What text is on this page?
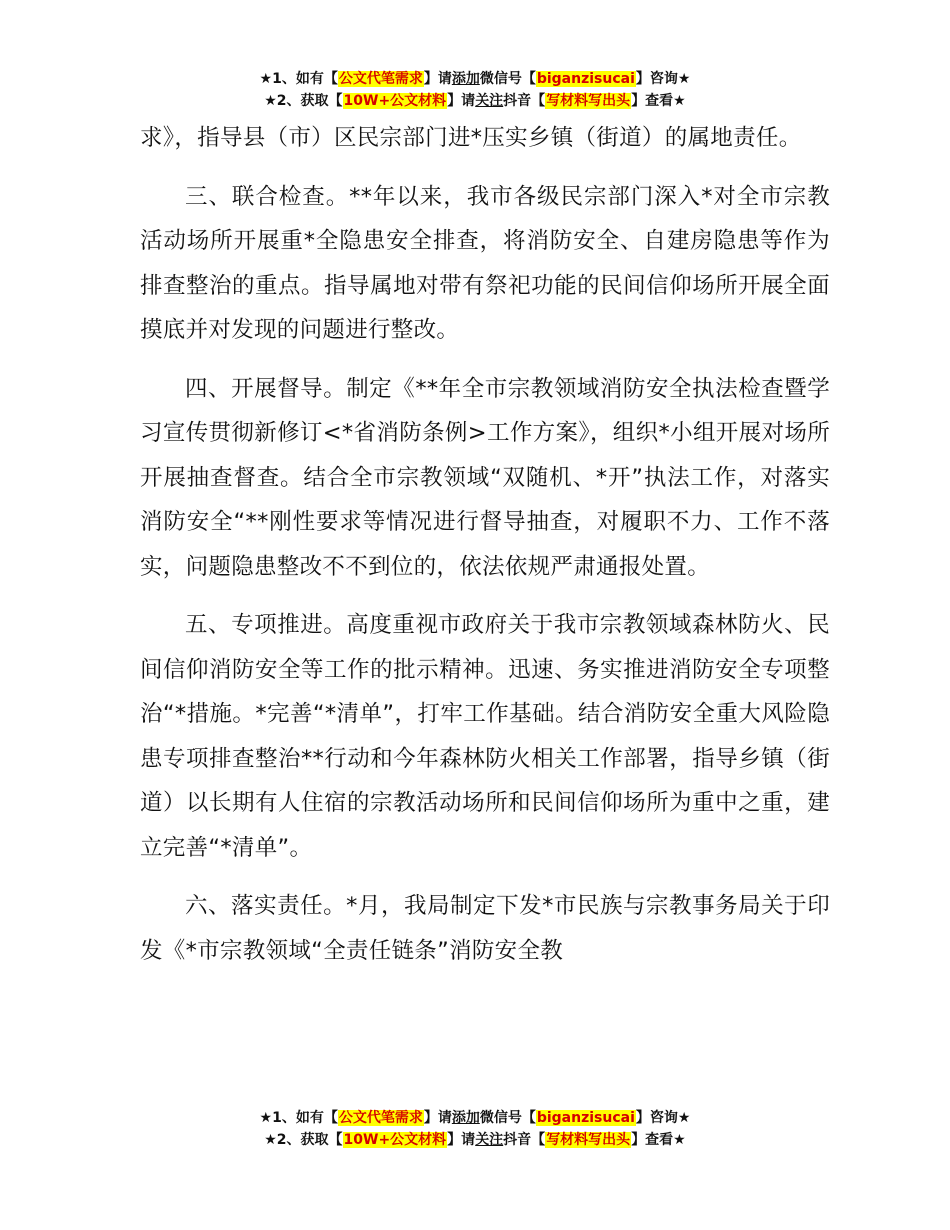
★1、如有【公文代笔需求】请添加微信号【biganzisucai】咨询★
★2、获取【10W+公文材料】请关注抖音【写材料写出头】查看★

求》，指导县（市）区民宗部门进*压实乡镇（街道）的属地责任。

三、联合检查。**年以来，我市各级民宗部门深入*对全市宗教活动场所开展重*全隐患安全排查，将消防安全、自建房隐患等作为排查整治的重点。指导属地对带有祭祀功能的民间信仰场所开展全面摸底并对发现的问题进行整改。

四、开展督导。制定《**年全市宗教领域消防安全执法检查暨学习宣传贯彻新修订<*省消防条例>工作方案》，组织*小组开展对场所开展抽查督查。结合全市宗教领域“双随机、*开”执法工作，对落实消防安全“**刚性要求等情况进行督导抽查，对履职不力、工作不落实，问题隐患整改不不到位的，依法依规严肃通报处置。

五、专项推进。高度重视市政府关于我市宗教领域森林防火、民间信仰消防安全等工作的批示精神。迅速、务实推进消防安全专项整治“*措施。*完善“*清单”，打牢工作基础。结合消防安全重大风险隐患专项排查整治**行动和今年森林防火相关工作部署，指导乡镇（街道）以长期有人住宿的宗教活动场所和民间信仰场所为重中之重，建立完善“*清单”。

六、落实责任。*月，我局制定下发*市民族与宗教事务局关于印发《*市宗教领域“全责任链条”消防安全教

★1、如有【公文代笔需求】请添加微信号【biganzisucai】咨询★
★2、获取【10W+公文材料】请关注抖音【写材料写出头】查看★
